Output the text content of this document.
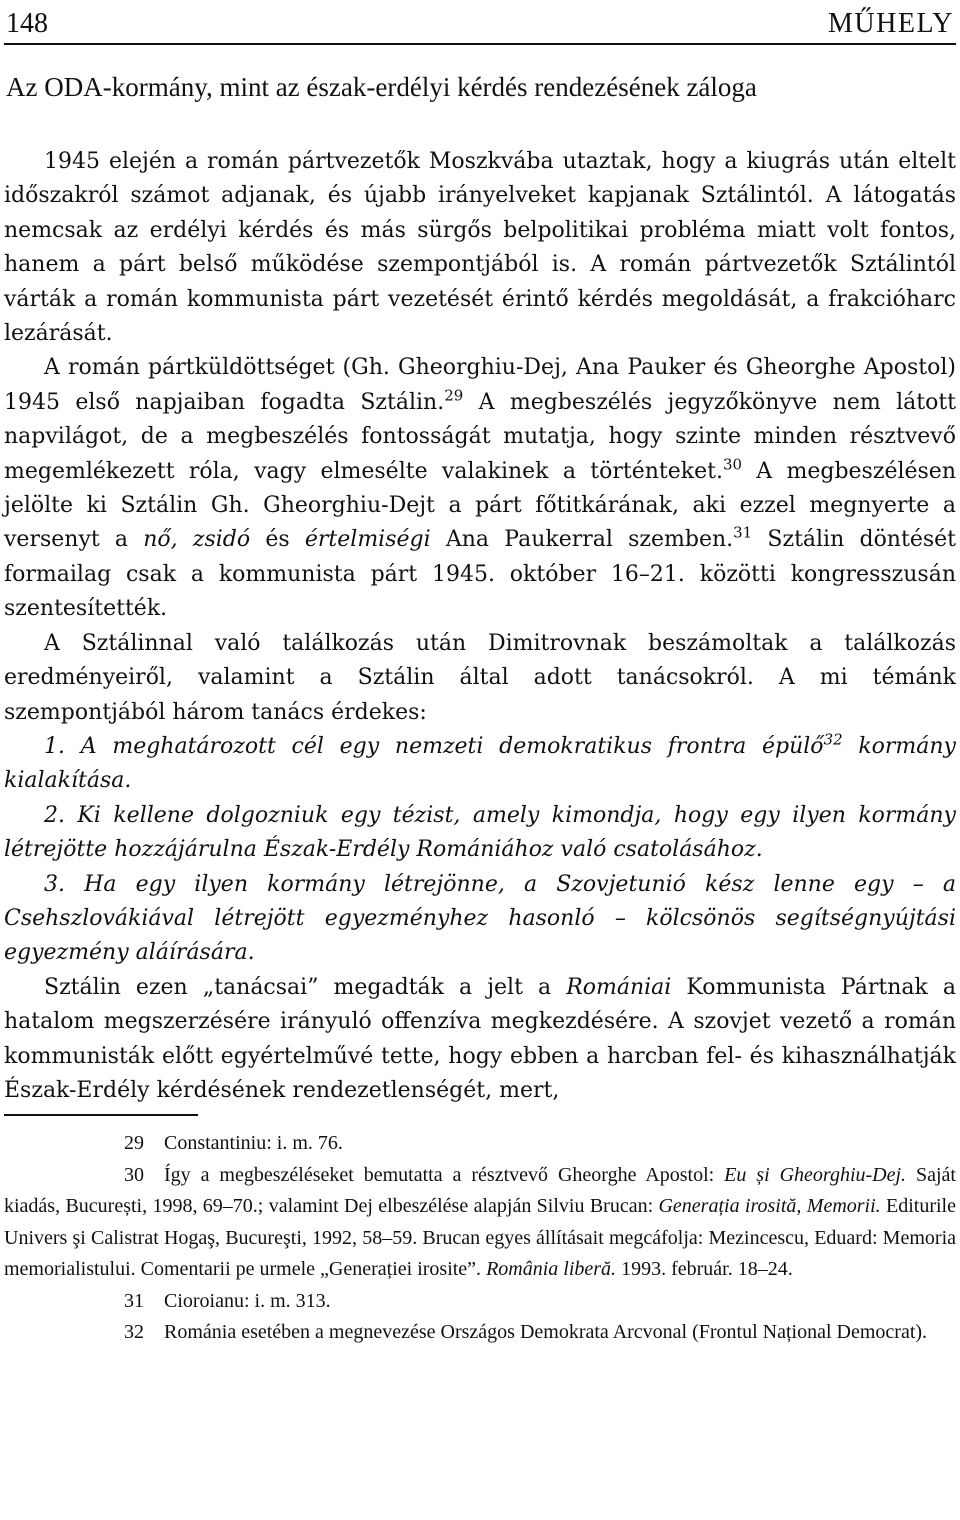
148	MŰHELY
Az ODA-kormány, mint az észak-erdélyi kérdés rendezésének zálogа

1945 elején a román pártvezetők Moszkvába utaztak, hogy a kiugrás után eltelt időszakról számot adjanak, és újabb irányelveket kapjanak Sztálintól. A látogatás nemcsak az erdélyi kérdés és más sürgős belpolitikai probléma miatt volt fontos, hanem a párt belső működése szempontjából is. A román pártvezetők Sztálintól várták a román kommunista párt vezetését érintő kérdés megoldását, a frakcióharc lezárását.

A román pártküldöttséget (Gh. Gheorghiu-Dej, Ana Pauker és Gheorghe Apostol) 1945 első napjaiban fogadta Sztálin.$^{29}$ A megbeszélés jegyzőkönyve nem látott napvilágot, de a megbeszélés fontosságát mutatja, hogy szinte minden résztvevő megemlékezett róla, vagy elmesélte valakinek a történteket.$^{30}$ A megbeszélésen jelölte ki Sztálin Gh. Gheorghiu-Dejt a párt főtitkárának, aki ezzel megnyerte a versenyt a nő, zsidó és értelmiségi Ana Paukerral szemben.$^{31}$ Sztálin döntését formailag csak a kommunista párt 1945. október 16–21. közötti kongresszusán szentesítették.

A Sztálinnal való találkozás után Dimitrovnak beszámoltak a találkozás eredményeiről, valamint a Sztálin által adott tanácsokról. A mi témánk szempontjából három tanács érdekes:

1. A meghatározott cél egy nemzeti demokratikus frontra épülő$^{32}$ kormány kialakítása.

2. Ki kellene dolgozniuk egy tézist, amely kimondja, hogy egy ilyen kormány létrejötte hozzájárulna Észak-Erdély Romániához való csatolásához.

3. Ha egy ilyen kormány létrejönne, a Szovjetunió kész lenne egy – a Csehszlovákiával létrejött egyezményhez hasonló – kölcsönös segítségnyújtási egyezmény aláírására.

Sztálin ezen „tanácsai” megadták a jelt a Romániai Kommunista Pártnak a hatalom megszerzésére irányuló offenzíva megkezdésére. A szovjet vezető a román kommunisták előtt egyértelművé tette, hogy ebben a harcban fel- és kihasználhatják Észak-Erdély kérdésének rendezetlenségét, mert,

29 Constantiniu: i. m. 76.

30 Így a megbeszéléseket bemutatta a résztvevő Gheorghe Apostol: Eu și Gheorghiu-Dej. Saját kiadás, București, 1998, 69–70.; valamint Dej elbeszélése alapján Silviu Brucan: Generația irosită, Memorii. Editurile Univers şi Calistrat Hogaş, Bucureşti, 1992, 58–59. Brucan egyes állításait megcáfolja: Mezincescu, Eduard: Memoria memorialistului. Comentarii pe urmele „Generației irosite”. România liberă. 1993. február. 18–24.

31 Cioroianu: i. m. 313.

32 Románia esetében a megnevezése Országos Demokrata Arcvonal (Frontul Național Democrat).
